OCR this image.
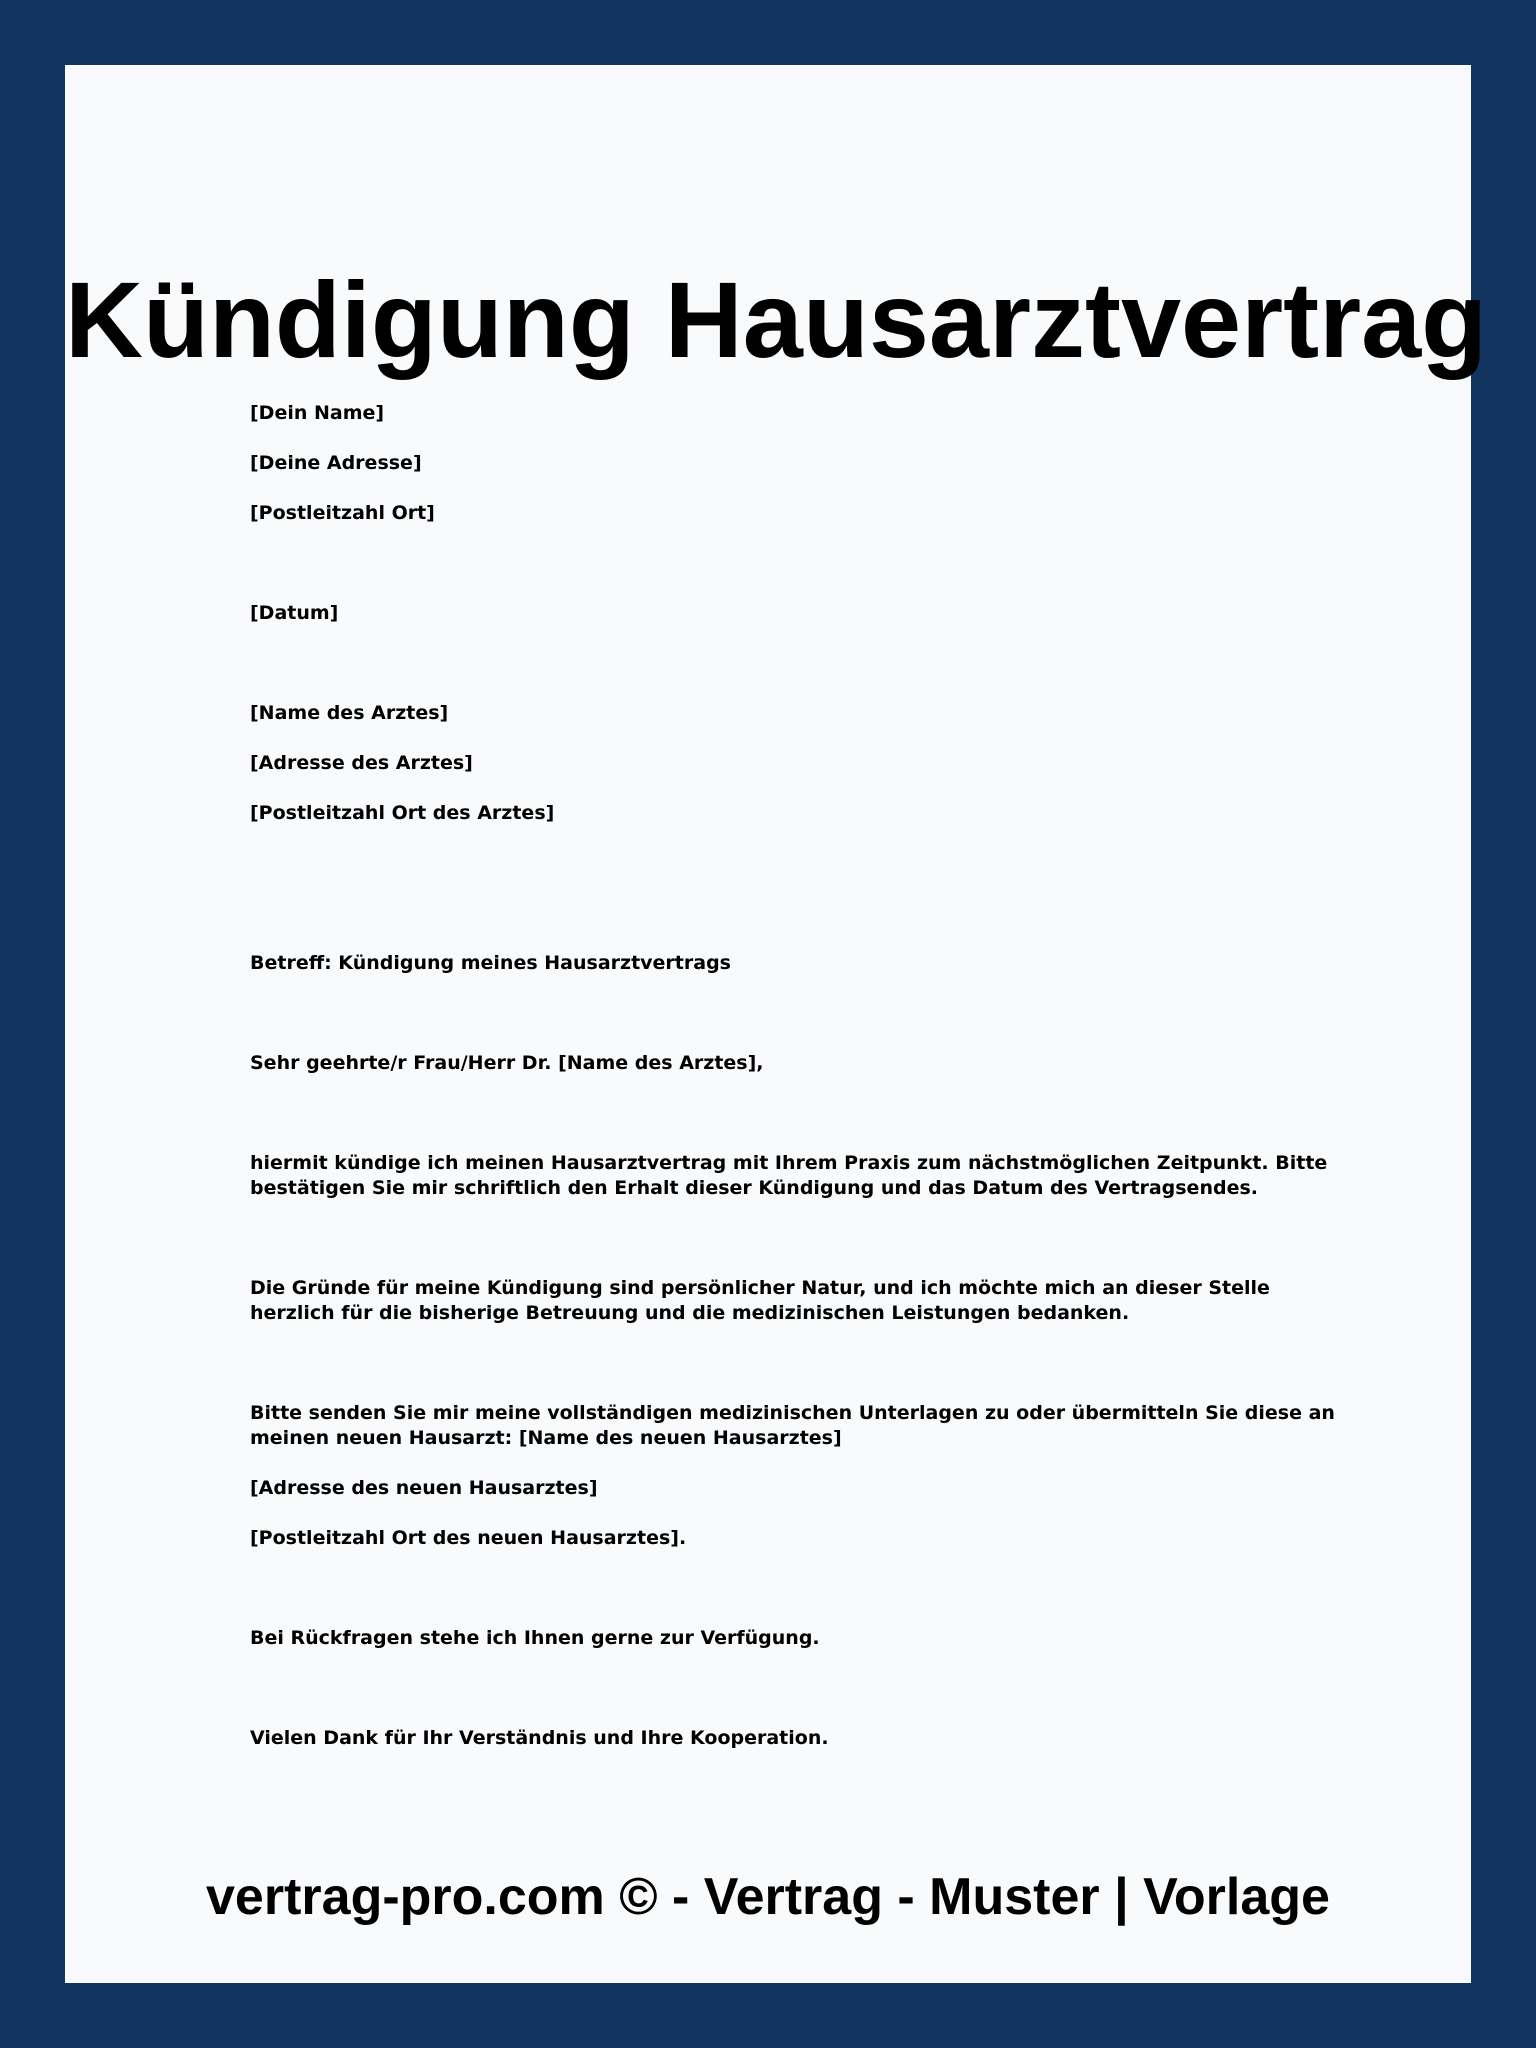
Kündigung Hausarztvertrag

[Dein Name]

[Deine Adresse]

[Postleitzahl Ort]

[Datum]

[Name des Arztes]

[Adresse des Arztes]

[Postleitzahl Ort des Arztes]

Betreff: Kündigung meines Hausarztvertrags

Sehr geehrte/r Frau/Herr Dr. [Name des Arztes],

hiermit kündige ich meinen Hausarztvertrag mit Ihrem Praxis zum nächstmöglichen Zeitpunkt. Bitte bestätigen Sie mir schriftlich den Erhalt dieser Kündigung und das Datum des Vertragsendes.

Die Gründe für meine Kündigung sind persönlicher Natur, und ich möchte mich an dieser Stelle herzlich für die bisherige Betreuung und die medizinischen Leistungen bedanken.

Bitte senden Sie mir meine vollständigen medizinischen Unterlagen zu oder übermitteln Sie diese an meinen neuen Hausarzt: [Name des neuen Hausarztes]

[Adresse des neuen Hausarztes]

[Postleitzahl Ort des neuen Hausarztes].

Bei Rückfragen stehe ich Ihnen gerne zur Verfügung.

Vielen Dank für Ihr Verständnis und Ihre Kooperation.

vertrag-pro.com © - Vertrag - Muster | Vorlage
